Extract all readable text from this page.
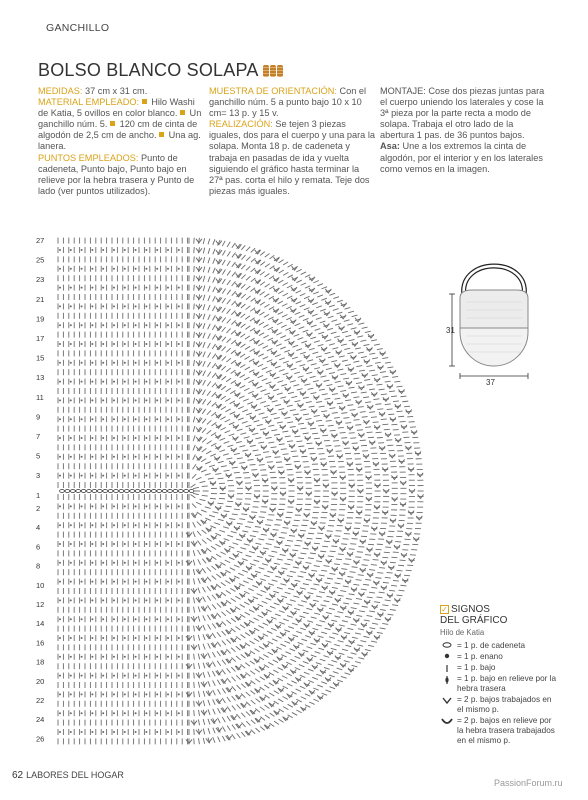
GANCHILLO
BOLSO BLANCO SOLAPA
MEDIDAS: 37 cm x 31 cm.
MATERIAL EMPLEADO:  Hilo Washi de Katia, 5 ovillos en color blanco.  Un ganchillo núm. 5.  120 cm de cinta de algodón de 2,5 cm de ancho.  Una ag. lanera.
PUNTOS EMPLEADOS: Punto de cadeneta, Punto bajo, Punto bajo en relieve por la hebra trasera y Punto de lado (ver puntos utilizados).
MUESTRA DE ORIENTACIÓN: Con el ganchillo núm. 5 a punto bajo 10 x 10 cm= 13 p. y 15 v.
REALIZACIÓN: Se tejen 3 piezas iguales, dos para el cuerpo y una para la solapa. Monta 18 p. de cadeneta y trabaja en pasadas de ida y vuelta siguiendo el gráfico hasta terminar la 27ª pas. corta el hilo y remata. Teje dos piezas más iguales.
MONTAJE: Cose dos piezas juntas para el cuerpo uniendo los laterales y cose la 3ª pieza por la parte recta a modo de solapa. Trabaja el otro lado de la abertura 1 pas. de 36 puntos bajos. Asa: Une a los extremos la cinta de algodón, por el interior y en los laterales como vemos en la imagen.
27
25
23
21
19
17
15
13
11
9
7
5
3
1
2
4
6
8
10
12
14
16
18
20
22
24
26
31
37
✓ SIGNOS
DEL GRÁFICO
Hilo de Katia
= 1 p. de cadeneta
= 1 p. enano
= 1 p. bajo
= 1 p. bajo en relieve por la hebra trasera
= 2 p. bajos trabajados en el mismo p.
= 2 p. bajos en relieve por la hebra trasera trabajados en el mismo p.
62 LABORES DEL HOGAR
PassionForum.ru
